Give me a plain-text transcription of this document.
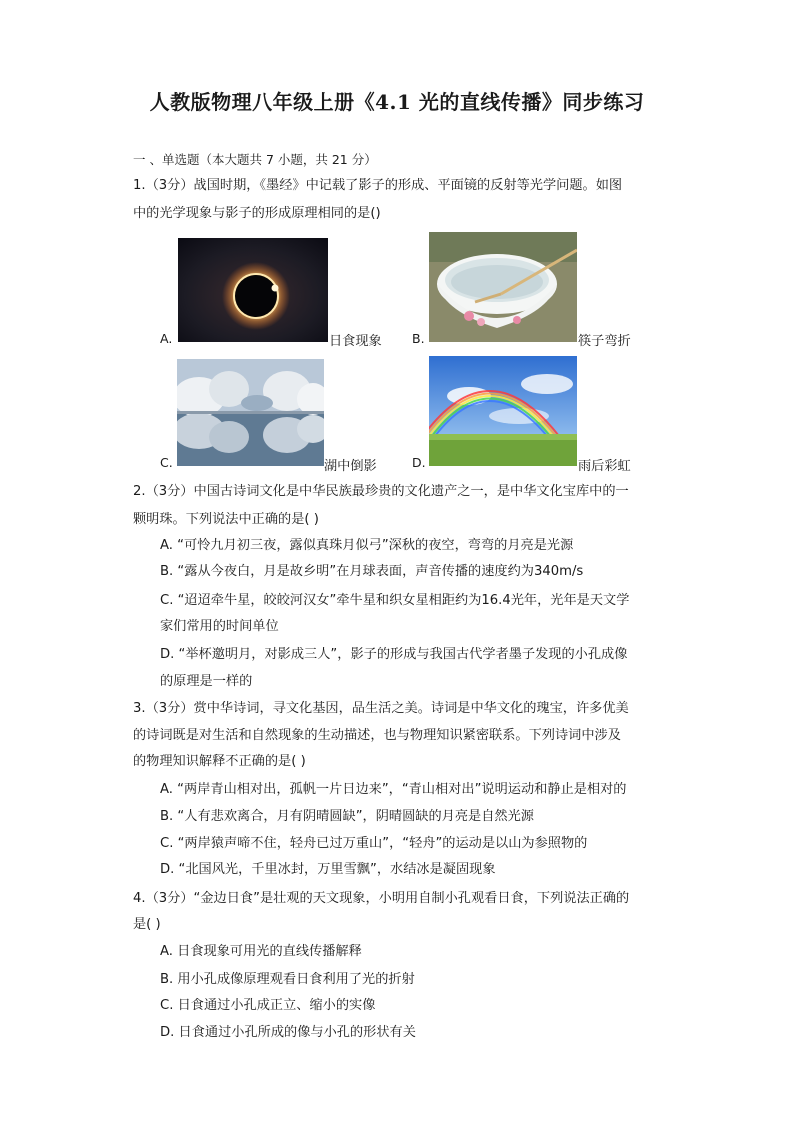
人教版物理八年级上册《4.1 光的直线传播》同步练习
一 、单选题（本大题共 7 小题，共 21 分）
1.（3分）战国时期，《墨经》中记载了影子的形成、平面镜的反射等光学问题。如图
中的光学现象与影子的形成原理相同的是()
A.	日食现象 B.	筷子弯折
C.	湖中倒影	D.	雨后彩虹
2.（3分）中国古诗词文化是中华民族最珍贵的文化遗产之一，是中华文化宝库中的一
颗明珠。下列说法中正确的是( )
A. “可怜九月初三夜，露似真珠月似弓”深秋的夜空，弯弯的月亮是光源
B. “露从今夜白，月是故乡明”在月球表面，声音传播的速度约为340m/s
C. “迢迢牵牛星，皎皎河汉女”牵牛星和织女星相距约为16.4光年，光年是天文学
家们常用的时间单位
D. “举杯邀明月，对影成三人”，影子的形成与我国古代学者墨子发现的小孔成像
的原理是一样的
3.（3分）赏中华诗词，寻文化基因，品生活之美。诗词是中华文化的瑰宝，许多优美
的诗词既是对生活和自然现象的生动描述，也与物理知识紧密联系。下列诗词中涉及
的物理知识解释不正确的是( )
A. “两岸青山相对出，孤帆一片日边来”，“青山相对出”说明运动和静止是相对的
B. “人有悲欢离合，月有阴晴圆缺”，阴晴圆缺的月亮是自然光源
C. “两岸猿声啼不住，轻舟已过万重山”，“轻舟”的运动是以山为参照物的
D. “北国风光，千里冰封，万里雪飘”，水结冰是凝固现象
4.（3分）“金边日食”是壮观的天文现象，小明用自制小孔观看日食，下列说法正确的
是( )
A. 日食现象可用光的直线传播解释
B. 用小孔成像原理观看日食利用了光的折射
C. 日食通过小孔成正立、缩小的实像
D. 日食通过小孔所成的像与小孔的形状有关
